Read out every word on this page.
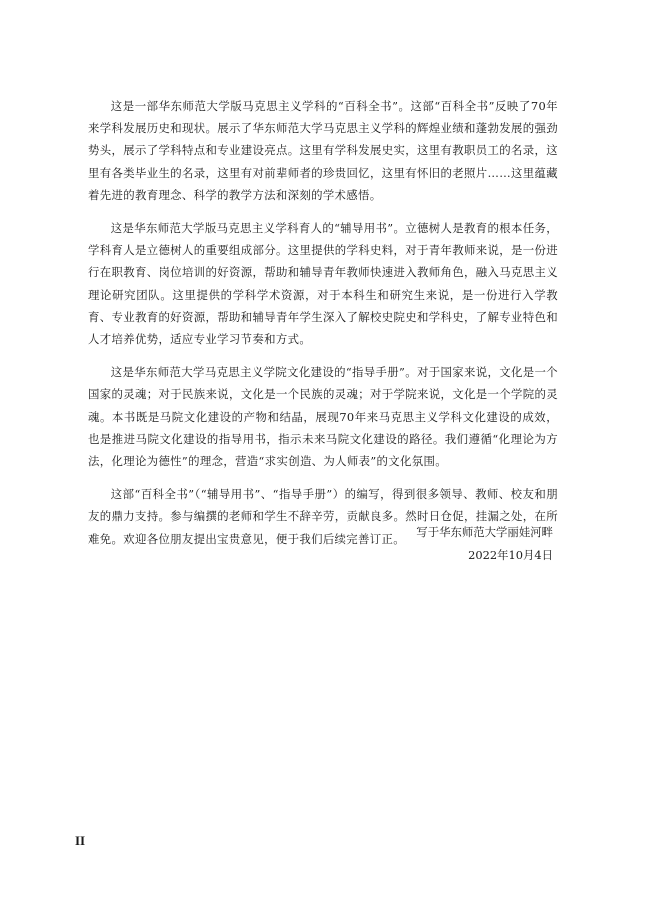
这是一部华东师范大学版马克思主义学科的“百科全书”。这部“百科全书”反映了70年来学科发展历史和现状。展示了华东师范大学马克思主义学科的辉煌业绩和蓬勃发展的强劲势头，展示了学科特点和专业建设亮点。这里有学科发展史实，这里有教职员工的名录，这里有各类毕业生的名录，这里有对前辈师者的珍贵回忆，这里有怀旧的老照片……这里蕴藏着先进的教育理念、科学的教学方法和深刻的学术感悟。

这是华东师范大学版马克思主义学科育人的“辅导用书”。立德树人是教育的根本任务，学科育人是立德树人的重要组成部分。这里提供的学科史料，对于青年教师来说，是一份进行在职教育、岗位培训的好资源，帮助和辅导青年教师快速进入教师角色，融入马克思主义理论研究团队。这里提供的学科学术资源，对于本科生和研究生来说，是一份进行入学教育、专业教育的好资源，帮助和辅导青年学生深入了解校史院史和学科史，了解专业特色和人才培养优势，适应专业学习节奏和方式。

这是华东师范大学马克思主义学院文化建设的“指导手册”。对于国家来说，文化是一个国家的灵魂；对于民族来说，文化是一个民族的灵魂；对于学院来说，文化是一个学院的灵魂。本书既是马院文化建设的产物和结晶，展现70年来马克思主义学科文化建设的成效，也是推进马院文化建设的指导用书，指示未来马院文化建设的路径。我们遵循“化理论为方法，化理论为德性”的理念，营造“求实创造、为人师表”的文化氛围。

这部“百科全书”（“辅导用书”、“指导手册”）的编写，得到很多领导、教师、校友和朋友的鼎力支持。参与编撰的老师和学生不辞辛劳，贡献良多。然时日仓促，挂漏之处，在所难免。欢迎各位朋友提出宝贵意见，便于我们后续完善订正。 写于华东师范大学丽娃河畔
2022年10月4日
II
